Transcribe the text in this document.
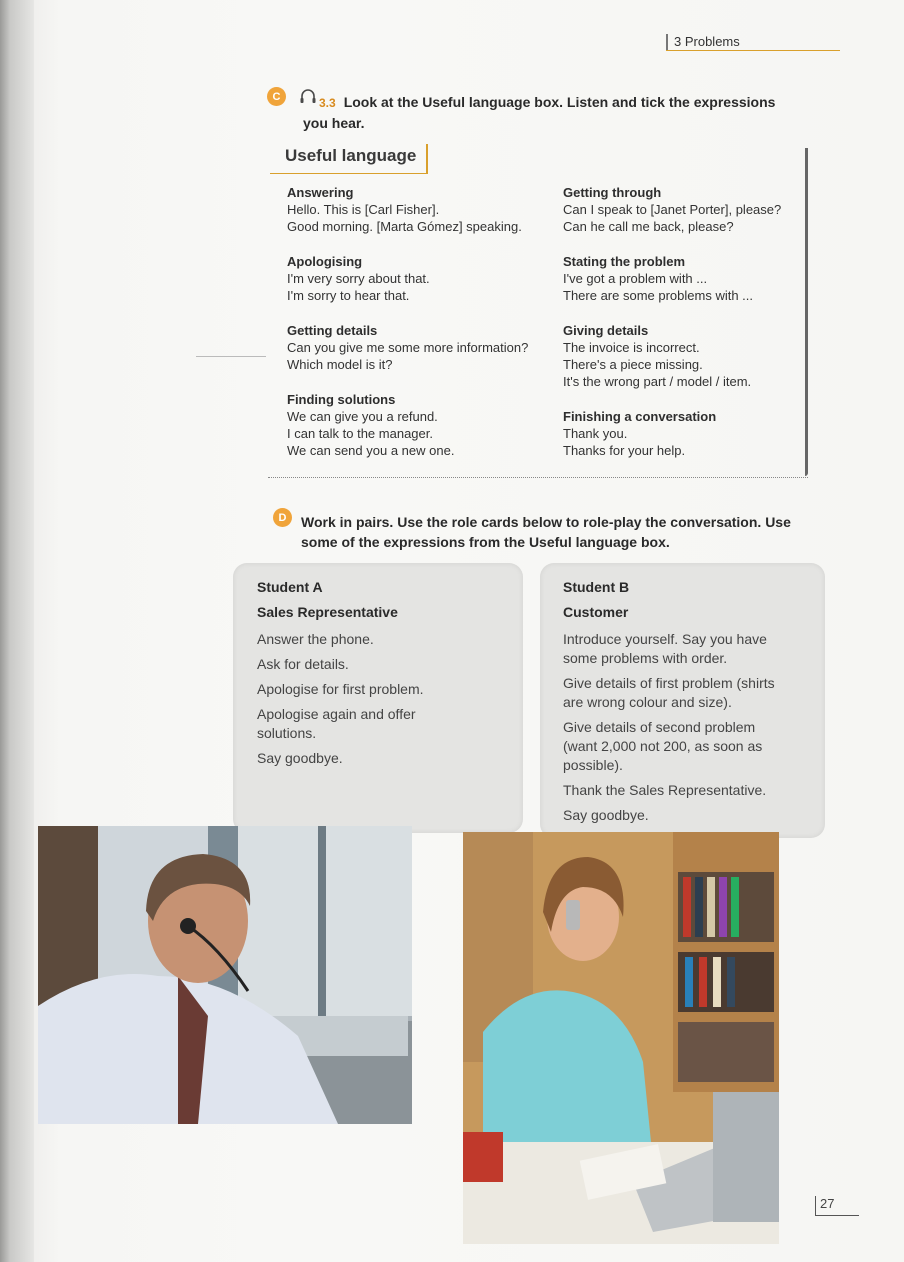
3 Problems
C	3.3 Look at the Useful language box. Listen and tick the expressions
you hear.
Useful language
Answering
Hello. This is [Carl Fisher].
Good morning. [Marta Gómez] speaking.
Apologising
I'm very sorry about that.
I'm sorry to hear that.
Getting details
Can you give me some more information?
Which model is it?
Finding solutions
We can give you a refund.
I can talk to the manager.
We can send you a new one.
Getting through
Can I speak to [Janet Porter], please?
Can he call me back, please?
Stating the problem
I've got a problem with ...
There are some problems with ...
Giving details
The invoice is incorrect.
There's a piece missing.
It's the wrong part / model / item.
Finishing a conversation
Thank you.
Thanks for your help.
D	Work in pairs. Use the role cards below to role-play the conversation. Use
some of the expressions from the Useful language box.
Student A
Sales Representative
Answer the phone.
Ask for details.
Apologise for first problem.
Apologise again and offer solutions.
Say goodbye.
Student B
Customer
Introduce yourself. Say you have some problems with order.
Give details of first problem (shirts are wrong colour and size).
Give details of second problem (want 2,000 not 200, as soon as possible).
Thank the Sales Representative.
Say goodbye.
27
